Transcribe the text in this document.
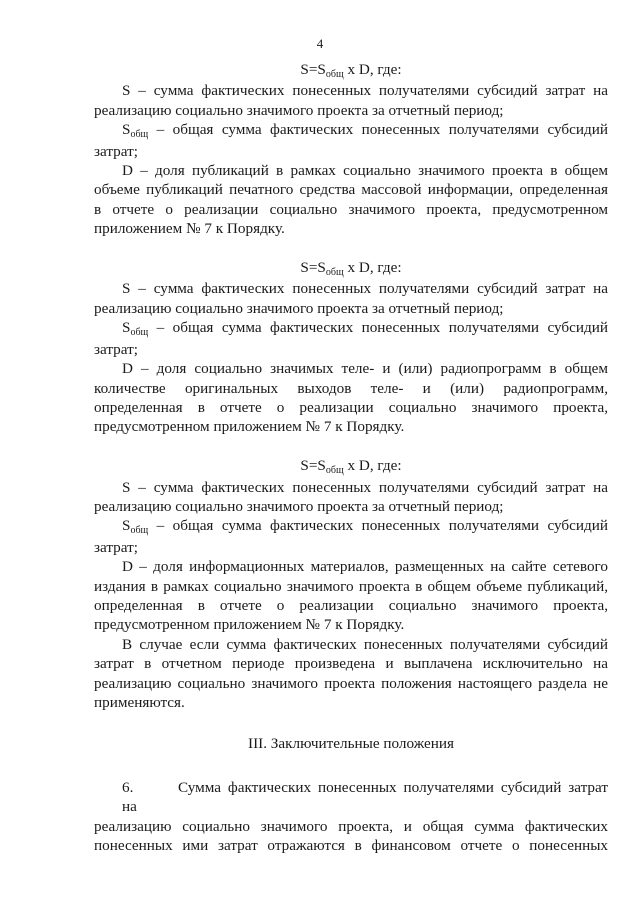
4
S=Sобщ x D, где:
S – сумма фактических понесенных получателями субсидий затрат на
реализацию социально значимого проекта за отчетный период;
Sобщ – общая сумма фактических понесенных получателями субсидий
затрат;
D – доля публикаций в рамках социально значимого проекта в общем
объеме публикаций печатного средства массовой информации, определенная
в отчете о реализации социально значимого проекта, предусмотренном
приложением № 7 к Порядку.
S=Sобщ x D, где:
S – сумма фактических понесенных получателями субсидий затрат на
реализацию социально значимого проекта за отчетный период;
Sобщ – общая сумма фактических понесенных получателями субсидий
затрат;
D – доля социально значимых теле- и (или) радиопрограмм в общем
количестве оригинальных выходов теле- и (или) радиопрограмм,
определенная в отчете о реализации социально значимого проекта,
предусмотренном приложением № 7 к Порядку.
S=Sобщ x D, где:
S – сумма фактических понесенных получателями субсидий затрат на
реализацию социально значимого проекта за отчетный период;
Sобщ – общая сумма фактических понесенных получателями субсидий
затрат;
D – доля информационных материалов, размещенных на сайте сетевого
издания в рамках социально значимого проекта в общем объеме публикаций,
определенная в отчете о реализации социально значимого проекта,
предусмотренном приложением № 7 к Порядку.
В случае если сумма фактических понесенных получателями субсидий
затрат в отчетном периоде произведена и выплачена исключительно на
реализацию социально значимого проекта положения настоящего раздела не
применяются.
III. Заключительные положения
6.	Сумма фактических понесенных получателями субсидий затрат на
реализацию социально значимого проекта, и общая сумма фактических
понесенных ими затрат отражаются в финансовом отчете о понесенных
